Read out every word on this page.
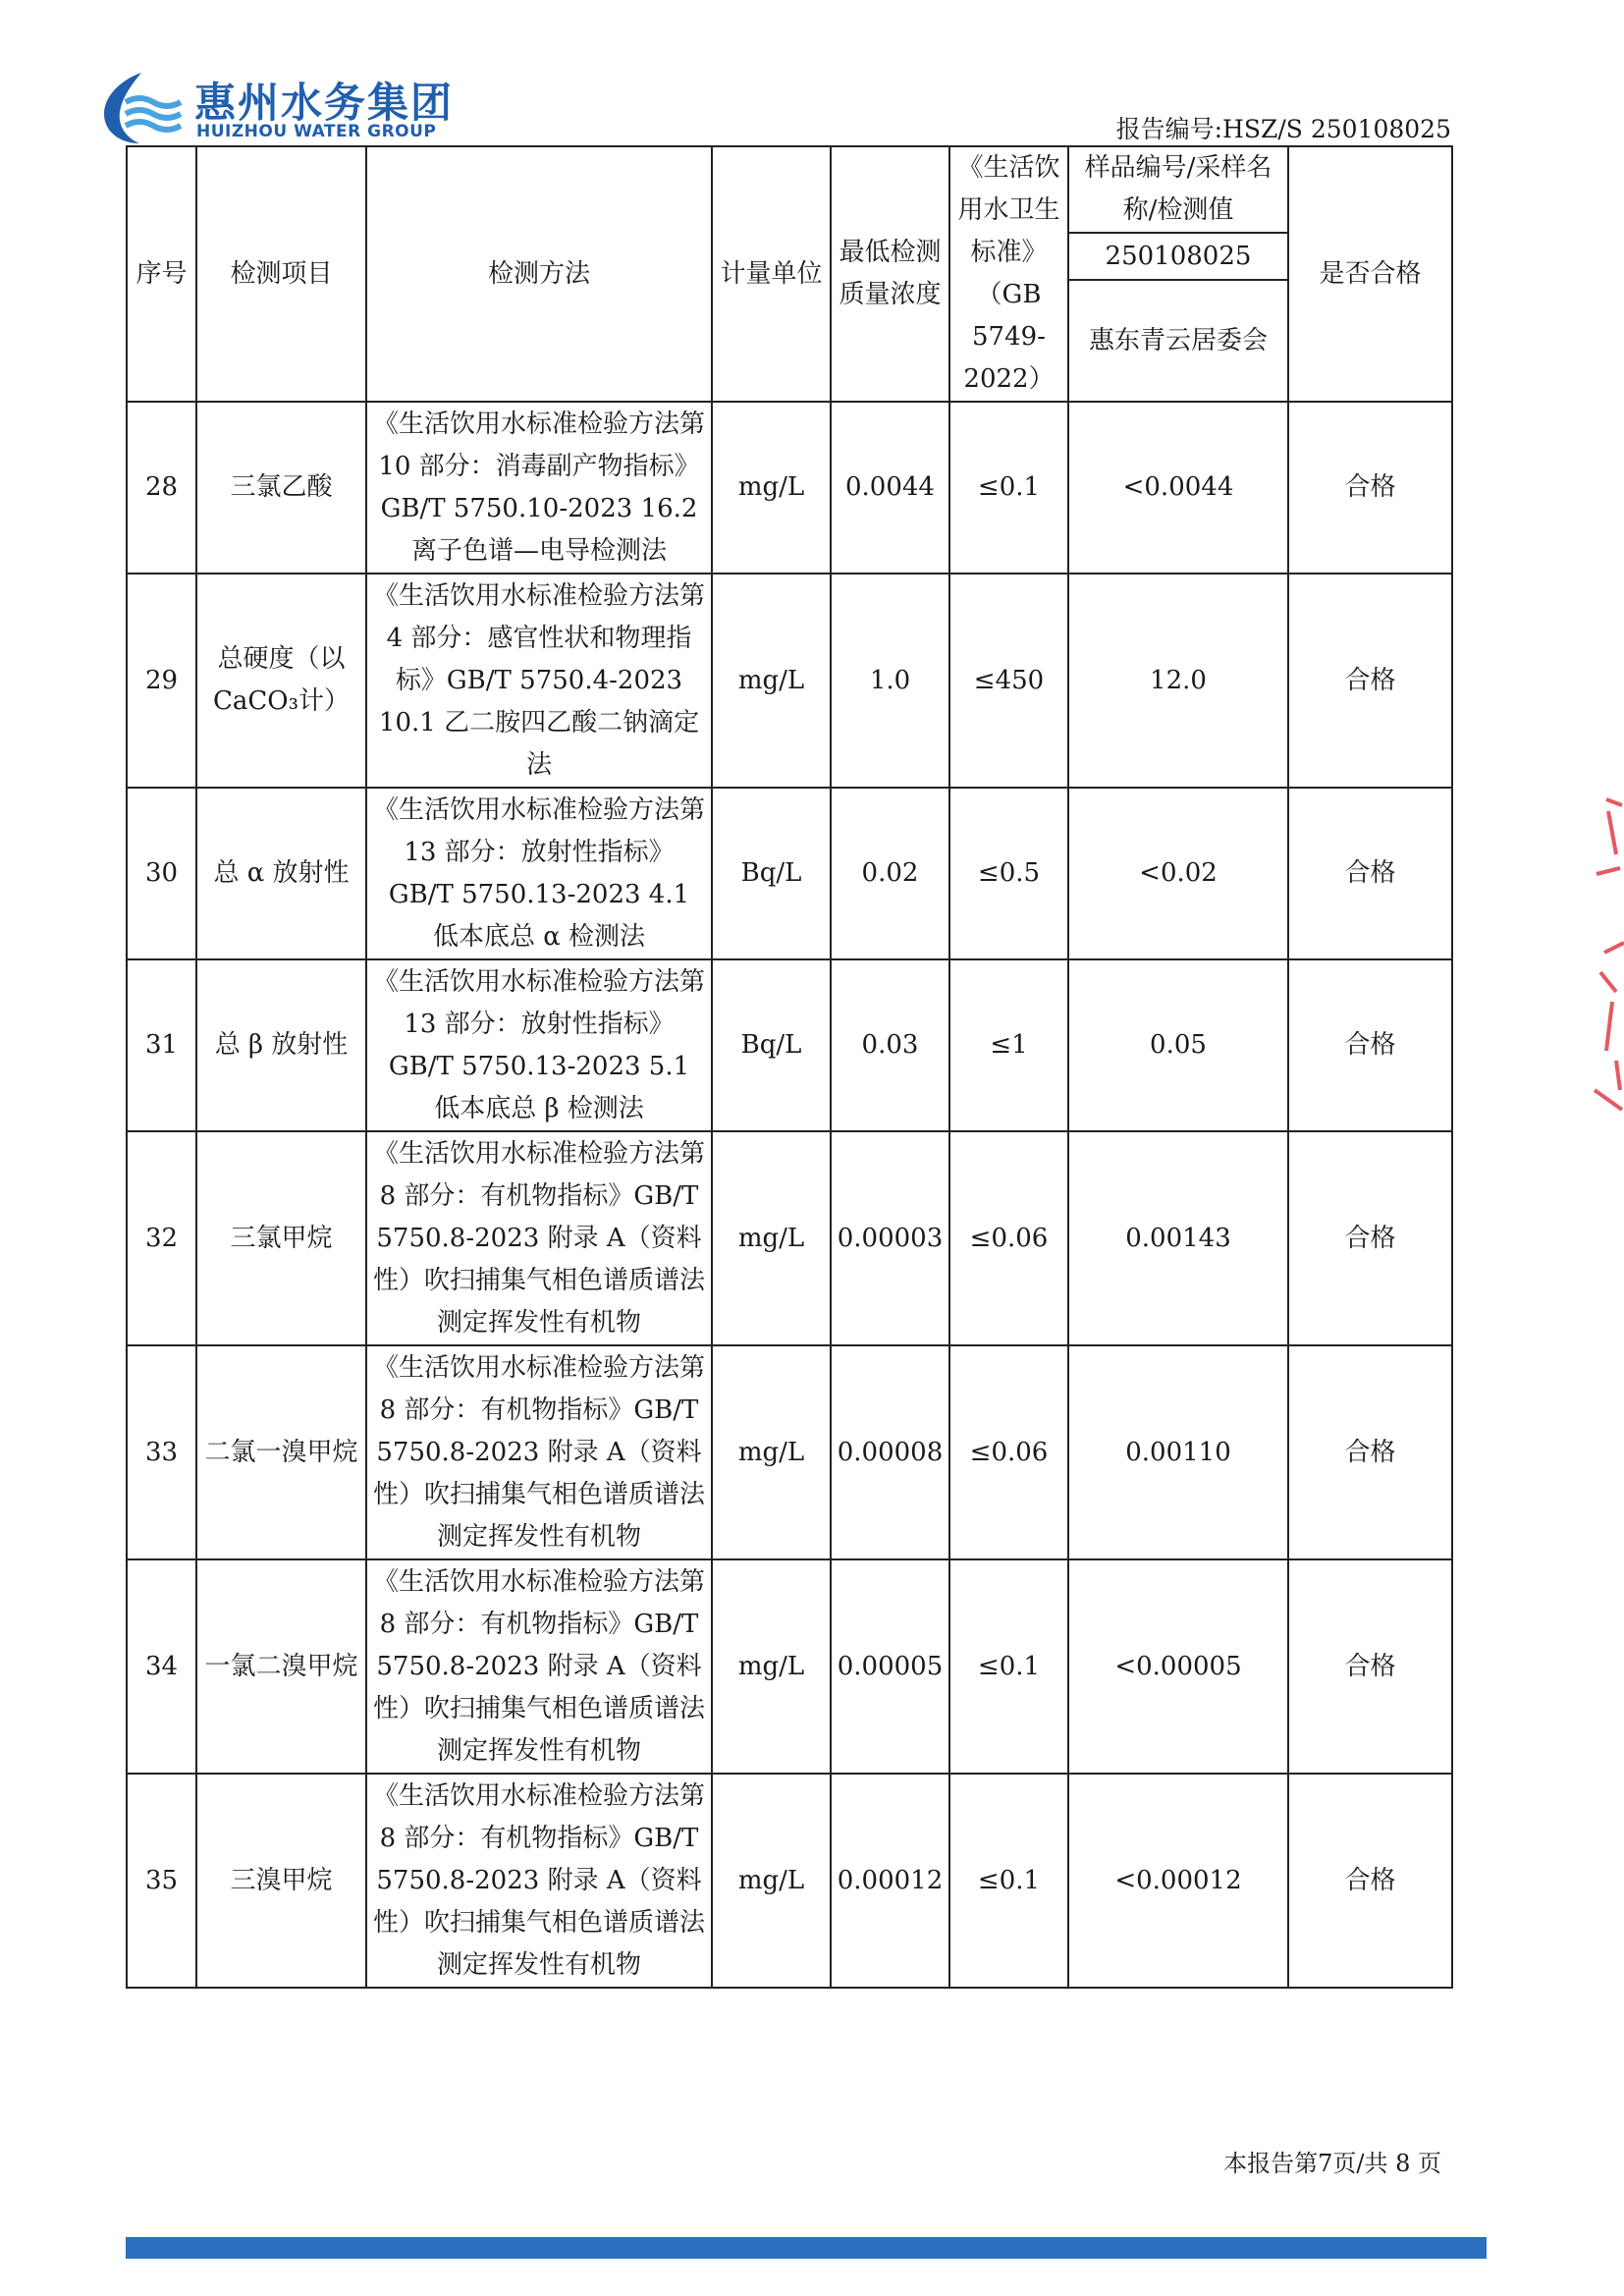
惠州水务集团
HUIZHOU WATER GROUP	报告编号:HSZ/S 250108025
序号	检测项目	检测方法	计量单位	最低检测质量浓度	《生活饮用水卫生标准》（GB 5749-2022）	样品编号/采样名称/检测值	是否合格
						250108025	
						惠东青云居委会	
28	三氯乙酸	《生活饮用水标准检验方法第 10 部分：消毒副产物指标》GB/T 5750.10-2023 16.2 离子色谱—电导检测法	mg/L	0.0044	≤0.1	<0.0044	合格
29	总硬度（以CaCO₃计）	《生活饮用水标准检验方法第 4 部分：感官性状和物理指标》GB/T 5750.4-2023 10.1 乙二胺四乙酸二钠滴定法	mg/L	1.0	≤450	12.0	合格
30	总 α 放射性	《生活饮用水标准检验方法第 13 部分：放射性指标》GB/T 5750.13-2023 4.1 低本底总 α 检测法	Bq/L	0.02	≤0.5	<0.02	合格
31	总 β 放射性	《生活饮用水标准检验方法第 13 部分：放射性指标》GB/T 5750.13-2023 5.1 低本底总 β 检测法	Bq/L	0.03	≤1	0.05	合格
32	三氯甲烷	《生活饮用水标准检验方法第 8 部分：有机物指标》GB/T 5750.8-2023 附录 A（资料性）吹扫捕集气相色谱质谱法测定挥发性有机物	mg/L	0.00003	≤0.06	0.00143	合格
33	二氯一溴甲烷	《生活饮用水标准检验方法第 8 部分：有机物指标》GB/T 5750.8-2023 附录 A（资料性）吹扫捕集气相色谱质谱法测定挥发性有机物	mg/L	0.00008	≤0.06	0.00110	合格
34	一氯二溴甲烷	《生活饮用水标准检验方法第 8 部分：有机物指标》GB/T 5750.8-2023 附录 A（资料性）吹扫捕集气相色谱质谱法测定挥发性有机物	mg/L	0.00005	≤0.1	<0.00005	合格
35	三溴甲烷	《生活饮用水标准检验方法第 8 部分：有机物指标》GB/T 5750.8-2023 附录 A（资料性）吹扫捕集气相色谱质谱法测定挥发性有机物	mg/L	0.00012	≤0.1	<0.00012	合格
本报告第7页/共 8 页
